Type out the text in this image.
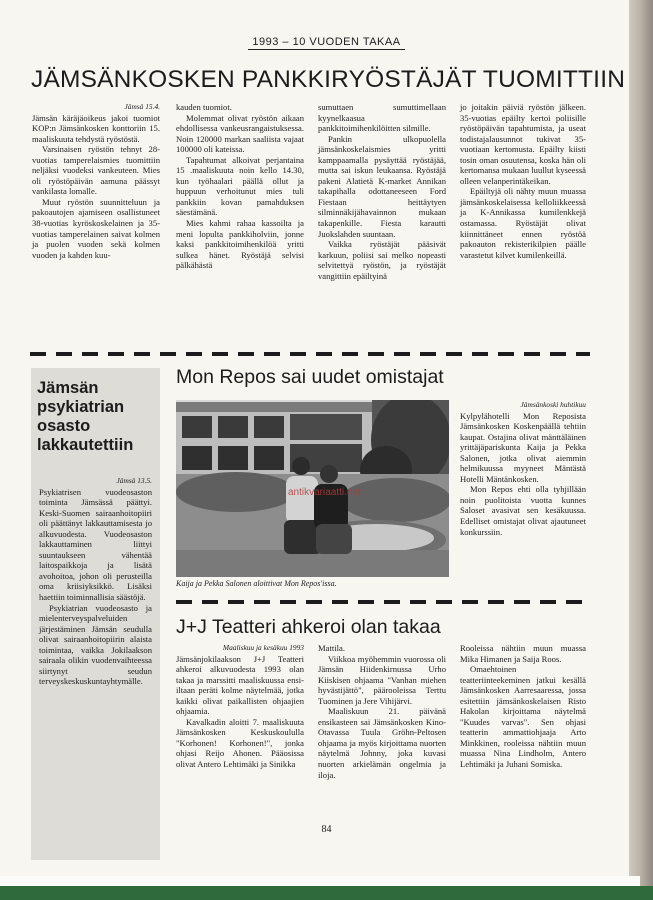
1993 – 10 VUODEN TAKAA
JÄMSÄNKOSKEN PANKKIRYÖSTÄJÄT TUOMITTIIN
Jämsä 15.4.

Jämsän käräjäoikeus jakoi tuomiot KOP:n Jämsänkosken konttoriin 15. maaliskuuta tehdystä ryöstöstä.

Varsinaisen ryöstön tehnyt 28-vuotias tamperelaismies tuomittiin neljäksi vuodeksi vankeuteen. Mies oli ryöstöpäivän aamuna päässyt vankilasta lomalle.

Muut ryöstön suunnitteluun ja pakoautojen ajamiseen osallistuneet 38-vuotias kyröskoskelainen ja 35-vuotias tamperelainen saivat kolmen ja puolen vuoden sekä kolmen vuoden ja kahden kuu-

kauden tuomiot.

Molemmat olivat ryöstön aikaan ehdollisessa vankeusrangaistuksessa. Noin 120000 markan saaliista vajaat 100000 oli kateissa.

Tapahtumat alkoivat perjantaina 15 .maaliskuuta noin kello 14.30, kun työhaalari päällä ollut ja huppuun verhoitunut mies tuli pankkiin kovan pamahduksen säestämänä.

Mies kahmi rahaa kassoilta ja meni lopulta pankkiholviin, jonne kaksi pankkitoimihenkilöä yritti sulkea hänet. Ryöstäjä selvisi pälkähästä

sumuttaen sumuttimellaan kyynelkaasua pankkitoimihenkilöitten silmille.

Pankin ulkopuolella jämsänkoskelaismies yritti kamppaamalla pysäyttää ryöstäjää, mutta sai iskun leukaansa. Ryöstäjä pakeni Alatietä K-market Annikan takapihalla odottaneeseen Ford Fiestaan heittäytyen silminnäkijähavainnon mukaan takapenkille. Fiesta karautti Juokslahden suuntaan.

Vaikka ryöstäjät pääsivät karkuun, poliisi sai melko nopeasti selvitettyä ryöstön, ja ryöstäjät vangittiin epäiltyinä

jo joitakin päiviä ryöstön jälkeen. 35-vuotias epäilty kertoi poliisille ryöstöpäivän tapahtumista, ja useat todistajalausunnot tukivat 35-vuotiaan kertomusta. Epäilty kiisti tosin oman osuutensa, koska hän oli kertomansa mukaan luullut kyseessä olleen velanperintäkeikan.

Epäiltyjä oli nähty muun muassa jämsänkoskelaisessa kelloliikkeessä ja K-Annikassa kumilenkkejä ostamassa. Ryöstäjät olivat kiinnittäneet ennen ryöstöä pakoauton rekisterikilpien päälle varastetut kilvet kumilenkeillä.

Jämsän psykiatrian osasto lakkautettiin
Jämsä 13.5.

Psykiatrisen vuodeosaston toiminta Jämsässä päättyi. Keski-Suomen sairaanhoitopiiri oli päättänyt lakkauttamisesta jo alkuvuodesta. Vuodeosaston lakkauttaminen liittyi suuntaukseen vähentää laitospaikkoja ja lisätä avohoitoa, johon oli perusteilla oma kriisiyksikkö. Lisäksi haettiin toiminnallisia säästöjä.

Psykiatrian vuodeosasto ja mielenterveyspalveluiden järjestäminen Jämsän seudulla olivat sairaanhoitopiirin alaista toimintaa, vaikka Jokilaakson sairaala olikin vuodenvaihteessa siirtynyt seudun terveyskeskuskuntayhtymälle.

Mon Repos sai uudet omistajat
antikvariaatti.net
Kaija ja Pekka Salonen aloittivat Mon Repos'issa.
Jämsänkoski huhtikuu

Kylpylähotelli Mon Reposista Jämsänkosken Koskenpäällä tehtiin kaupat. Ostajina olivat mänttäläinen yrittäjäpariskunta Kaija ja Pekka Salonen, jotka olivat aiemmin helmikuussa myyneet Mäntästä Hotelli Mäntänkosken.

Mon Repos ehti olla tyhjillään noin puolitoista vuotta kunnes Saloset avasivat sen kesäkuussa. Edelliset omistajat olivat ajautuneet konkurssiin.

J+J Teatteri ahkeroi olan takaa
Maaliskuu ja kesäkuu 1993

Jämsänjokilaakson J+J Teatteri ahkeroi alkuvuodesta 1993 olan takaa ja marssitti maaliskuussa ensi-iltaan peräti kolme näytelmää, jotka kaikki olivat paikallisten ohjaajien ohjaamia.

Kavalkadin aloitti 7. maaliskuuta Jämsänkosken Keskuskoululla "Korhonen! Korhonen!", jonka ohjasi Reijo Ahonen. Pääosissa olivat Antero Lehtimäki ja Sinikka

Mattila.

Viikkoa myöhemmin vuorossa oli Jämsän Hiidenkirnussa Urho Kiiskisen ohjaama "Vanhan miehen hyvästijättö", päärooleissa Terttu Tuominen ja Jere Vihijärvi.

Maaliskuun 21. päivänä ensikasteen sai Jämsänkosken Kino-Otavassa Tuula Gröhn-Peltosen ohjaama ja myös kirjoittama nuorten näytelmä Johnny, joka kuvasi nuorten arkielämän ongelmia ja iloja.

Rooleissa nähtiin muun muassa Mika Himanen ja Saija Roos.

Omaehtoinen teatteriinteekeminen jatkui kesällä Jämsänkosken Aarresaaressa, jossa esitettiin jämsänkoskelaisen Risto Hakolan kirjoittama näytelmä "Kuudes varvas". Sen ohjasi teatterin ammattiohjaaja Arto Minkkinen, rooleissa nähtiin muun muassa Nina Lindholm, Antero Lehtimäki ja Juhani Somiska.

84
